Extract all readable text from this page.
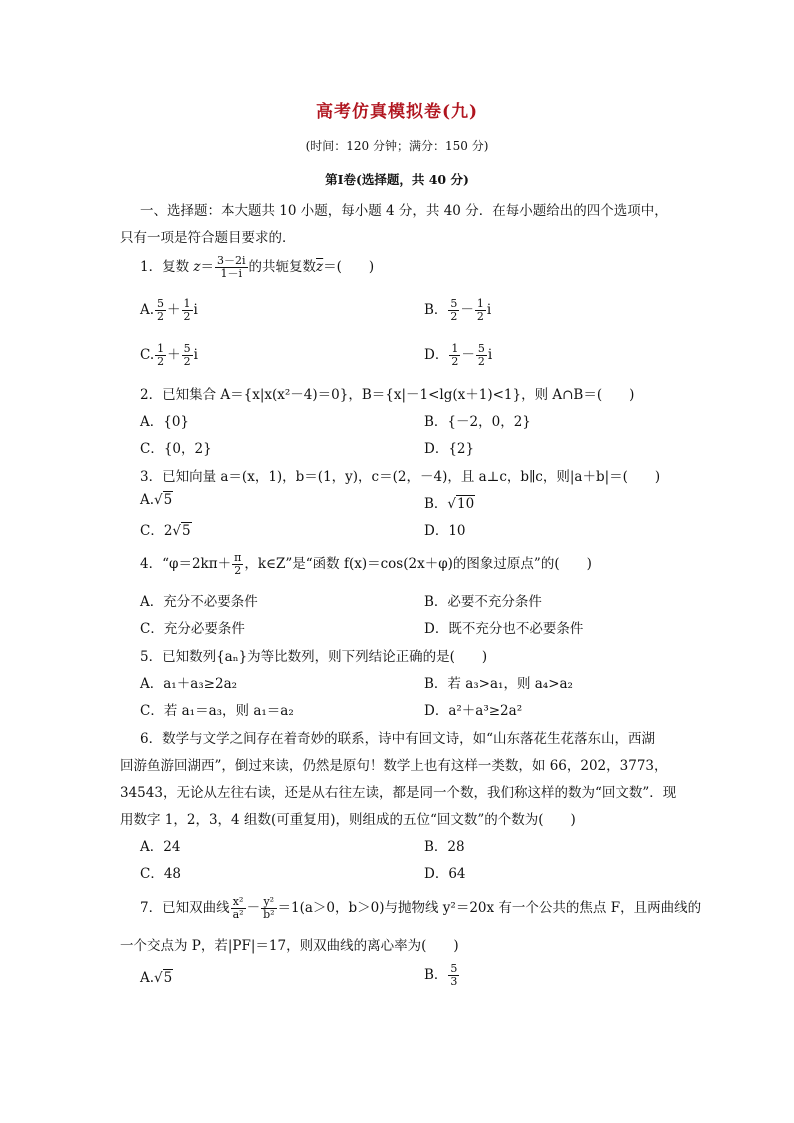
高考仿真模拟卷(九)
(时间：120 分钟；满分：150 分)
第Ⅰ卷(选择题，共 40 分)
一、选择题：本大题共 10 小题，每小题 4 分，共 40 分．在每小题给出的四个选项中，
只有一项是符合题目要求的．
1．复数 $z= \frac{3-2i}{1-i}$ 的共轭复数$\overline{z}=$(　　)
A. $\frac{5}{2} + \frac{1}{2}$ i	B． $\frac{5}{2} - \frac{1}{2}$ i
C. $\frac{1}{2} + \frac{5}{2}$ i	D． $\frac{1}{2} - \frac{5}{2}$ i
2．已知集合 A＝{x|x(x²－4)＝0}，B＝{x|－1<lg(x＋1)<1}，则 A∩B＝(　　)
A．{0}	B．{－2，0，2}
C．{0，2}	D．{2}
3．已知向量 a＝(x，1)，b＝(1，y)，c＝(2，－4)，且 a⊥c，b∥c，则|a＋b|＝(　　)
A.√5	B．√10
C．2√5	D．10
4．“$\varphi=2k\pi+ \frac{\pi}{2}$ ，k∈Z”是“函数 f(x)＝cos(2x＋φ)的图象过原点”的(　　)
A．充分不必要条件	B．必要不充分条件
C．充分必要条件	D．既不充分也不必要条件
5．已知数列{aₙ}为等比数列，则下列结论正确的是(　　)
A．a₁＋a₃≥2a₂	B．若 a₃>a₁，则 a₄>a₂
C．若 a₁＝a₃，则 a₁＝a₂	D．a²＋a³≥2a²
6．数学与文学之间存在着奇妙的联系，诗中有回文诗，如“山东落花生花落东山，西湖
回游鱼游回湖西”，倒过来读，仍然是原句！数学上也有这样一类数，如 66，202，3773，
34543，无论从左往右读，还是从右往左读，都是同一个数，我们称这样的数为“回文数”．现
用数字 1，2，3，4 组数(可重复用)，则组成的五位“回文数”的个数为(　　)
A．24	B．28
C．48	D．64
7．已知双曲线 $\frac{\text{x²}}{\text{a²}} - \frac{\text{y²}}{\text{b²}} =1(a>0$，b＞0)与抛物线 y²＝20x 有一个公共的焦点 F，且两曲线的
一个交点为 P，若|PF|＝17，则双曲线的离心率为(　　)
A.√5	B． $\frac{5}{3}$
